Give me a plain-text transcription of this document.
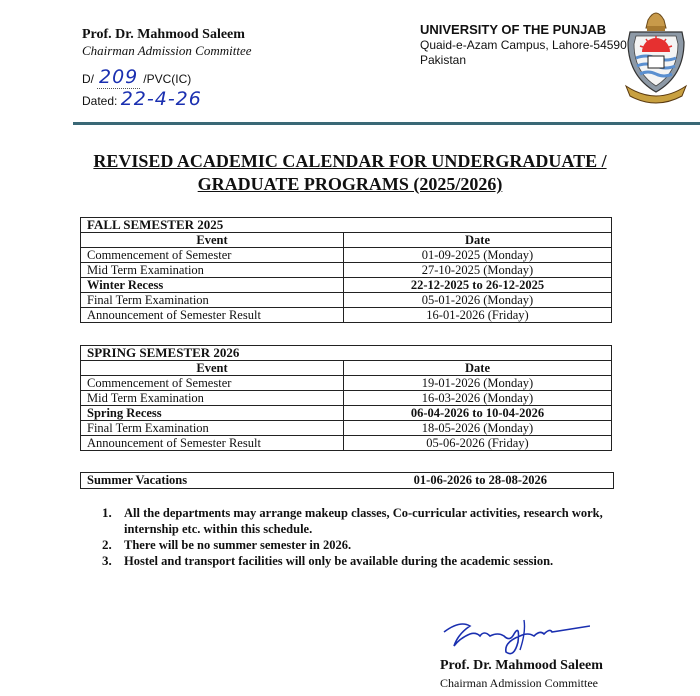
Prof. Dr. Mahmood Saleem
Chairman Admission Committee
D/ 209 /PVC(IC)
Dated:
22-4-26
UNIVERSITY OF THE PUNJAB
Quaid-e-Azam Campus, Lahore-54590
Pakistan
REVISED ACADEMIC CALENDAR FOR UNDERGRADUATE /
GRADUATE PROGRAMS (2025/2026)
FALL SEMESTER 2025	
Event	Date
Commencement of Semester	01-09-2025 (Monday)
Mid Term Examination	27-10-2025 (Monday)
Winter Recess	22-12-2025 to 26-12-2025
Final Term Examination	05-01-2026 (Monday)
Announcement of Semester Result	16-01-2026 (Friday)
SPRING SEMESTER 2026	
Event	Date
Commencement of Semester	19-01-2026 (Monday)
Mid Term Examination	16-03-2026 (Monday)
Spring Recess	06-04-2026 to 10-04-2026
Final Term Examination	18-05-2026 (Monday)
Announcement of Semester Result	05-06-2026 (Friday)
Summer Vacations	01-06-2026 to 28-08-2026
1. All the departments may arrange makeup classes, Co-curricular activities, research work, internship etc. within this schedule.
2. There will be no summer semester in 2026.
3. Hostel and transport facilities will only be available during the academic session.
Prof. Dr. Mahmood Saleem
Chairman Admission Committee
